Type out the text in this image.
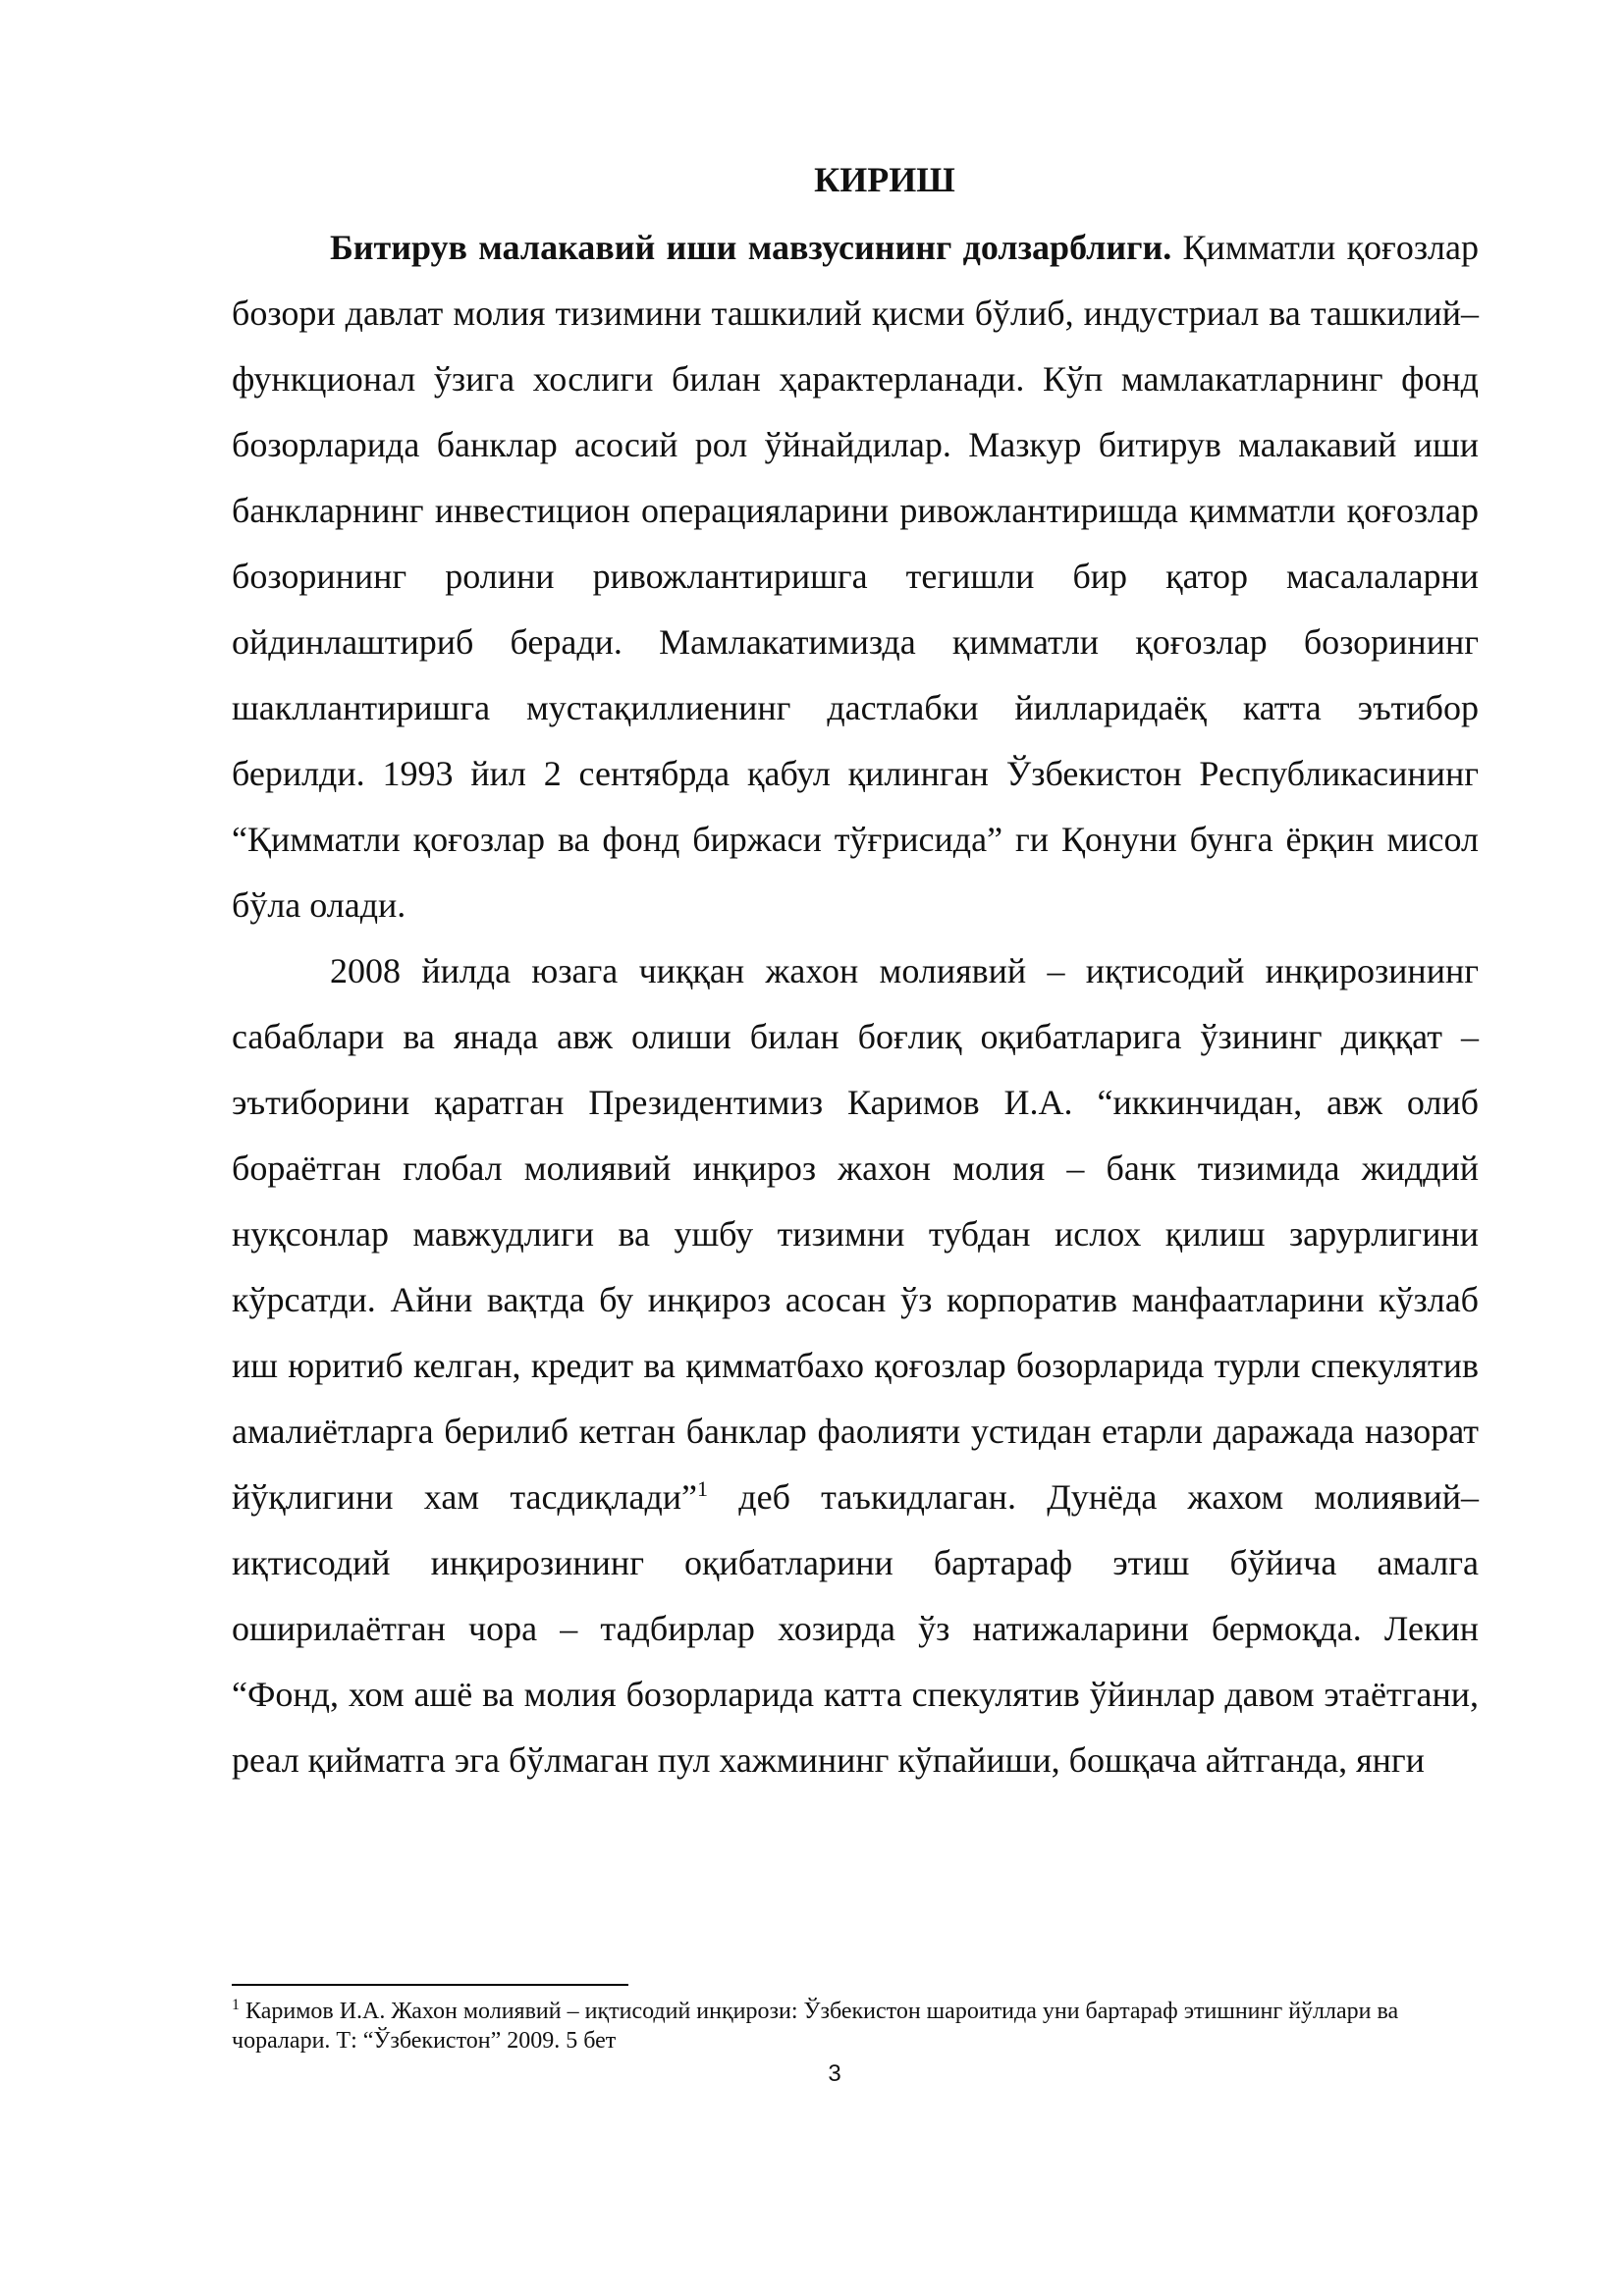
КИРИШ

Битирув малакавий иши мавзусининг долзарблиги. Қимматли қоғозлар бозори давлат молия тизимини ташкилий қисми бўлиб, индустриал ва ташкилий–функционал ўзига хослиги билан ҳарактерланади. Кўп мамлакатларнинг фонд бозорларида банклар асосий рол ўйнайдилар. Мазкур битирув малакавий иши банкларнинг инвестицион операцияларини ривожлантиришда қимматли қоғозлар бозорининг ролини ривожлантиришга тегишли бир қатор масалаларни ойдинлаштириб беради. Мамлакатимизда қимматли қоғозлар бозорининг шакллантиришга мустақиллиенинг дастлабки йилларидаёқ катта эътибор берилди. 1993 йил 2 сентябрда қабул қилинган Ўзбекистон Республикасининг “Қимматли қоғозлар ва фонд биржаси тўғрисида” ги Қонуни бунга ёрқин мисол бўла олади.

2008 йилда юзага чиққан жахон молиявий – иқтисодий инқирозининг сабаблари ва янада авж олиши билан боғлиқ оқибатларига ўзининг диққат – эътиборини қаратган Президентимиз Каримов И.А. “иккинчидан, авж олиб бораётган глобал молиявий инқироз жахон молия – банк тизимида жиддий нуқсонлар мавжудлиги ва ушбу тизимни тубдан ислох қилиш зарурлигини кўрсатди. Айни вақтда бу инқироз асосан ўз корпоратив манфаатларини кўзлаб иш юритиб келган, кредит ва қимматбахо қоғозлар бозорларида турли спекулятив амалиётларга берилиб кетган банклар фаолияти устидан етарли даражада назорат йўқлигини хам тасдиқлади”$^1$ деб таъкидлаган. Дунёда жахом молиявий–иқтисодий инқирозининг оқибатларини бартараф этиш бўйича амалга оширилаётган чора – тадбирлар хозирда ўз натижаларини бермоқда. Лекин “Фонд, хом ашё ва молия бозорларида катта спекулятив ўйинлар давом этаётгани, реал қийматга эга бўлмаган пул хажмининг кўпайиши, бошқача айтганда, янги

$^1$ Каримов И.А. Жахон молиявий – иқтисодий инқирози: Ўзбекистон шароитида уни бартараф этишнинг йўллари ва чоралари. Т: “Ўзбекистон” 2009. 5 бет

3
